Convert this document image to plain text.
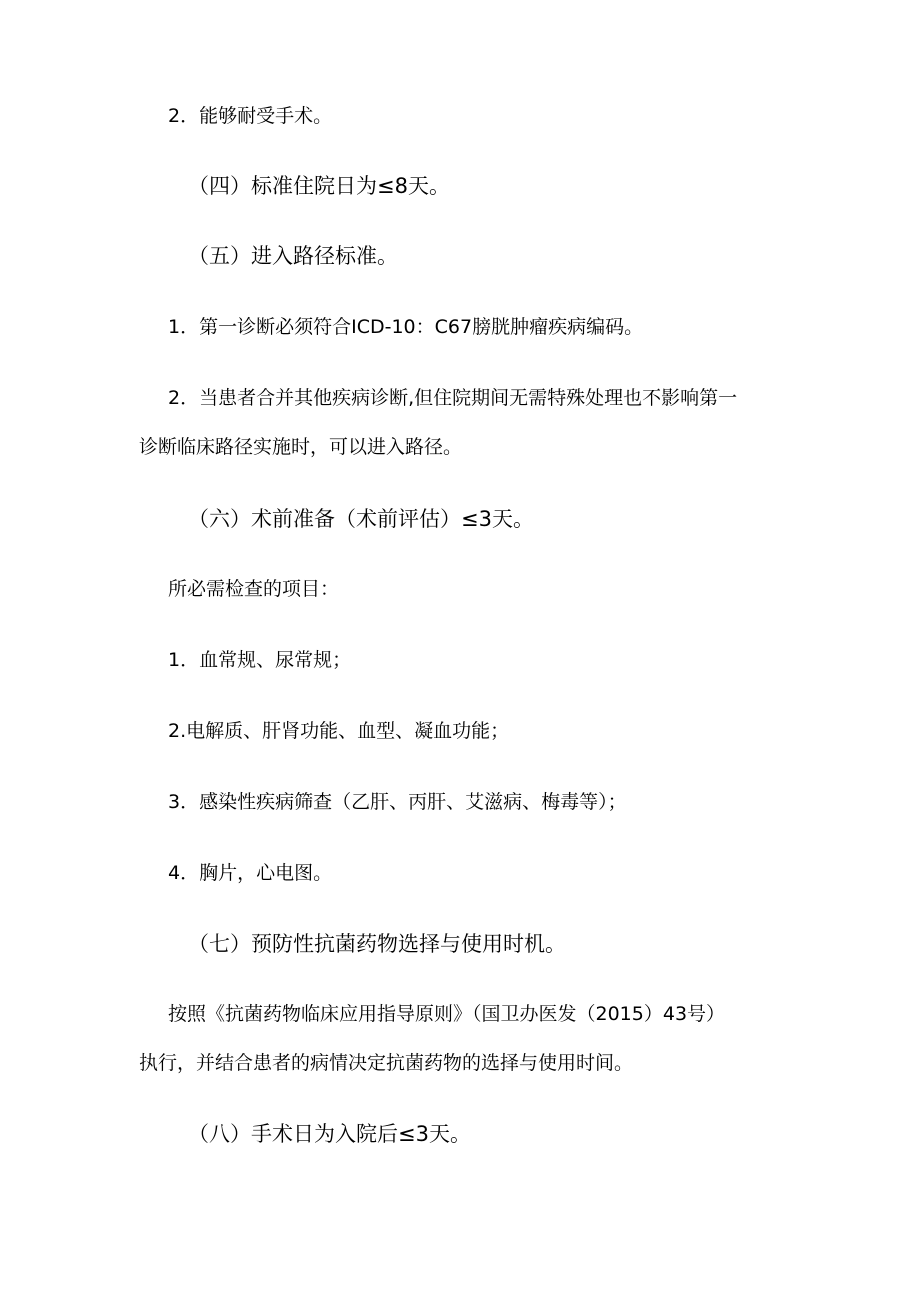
2．能够耐受手术。
（四）标准住院日为≤8天。
（五）进入路径标准。
1．第一诊断必须符合ICD-10：C67膀胱肿瘤疾病编码。
2．当患者合并其他疾病诊断,但住院期间无需特殊处理也不影响第一
诊断临床路径实施时，可以进入路径。
（六）术前准备（术前评估）≤3天。
所必需检查的项目：
1．血常规、尿常规；
2.电解质、肝肾功能、血型、凝血功能；
3．感染性疾病筛查（乙肝、丙肝、艾滋病、梅毒等）；
4．胸片，心电图。
（七）预防性抗菌药物选择与使用时机。
按照《抗菌药物临床应用指导原则》（国卫办医发（2015）43号）
执行，并结合患者的病情决定抗菌药物的选择与使用时间。
（八）手术日为入院后≤3天。
